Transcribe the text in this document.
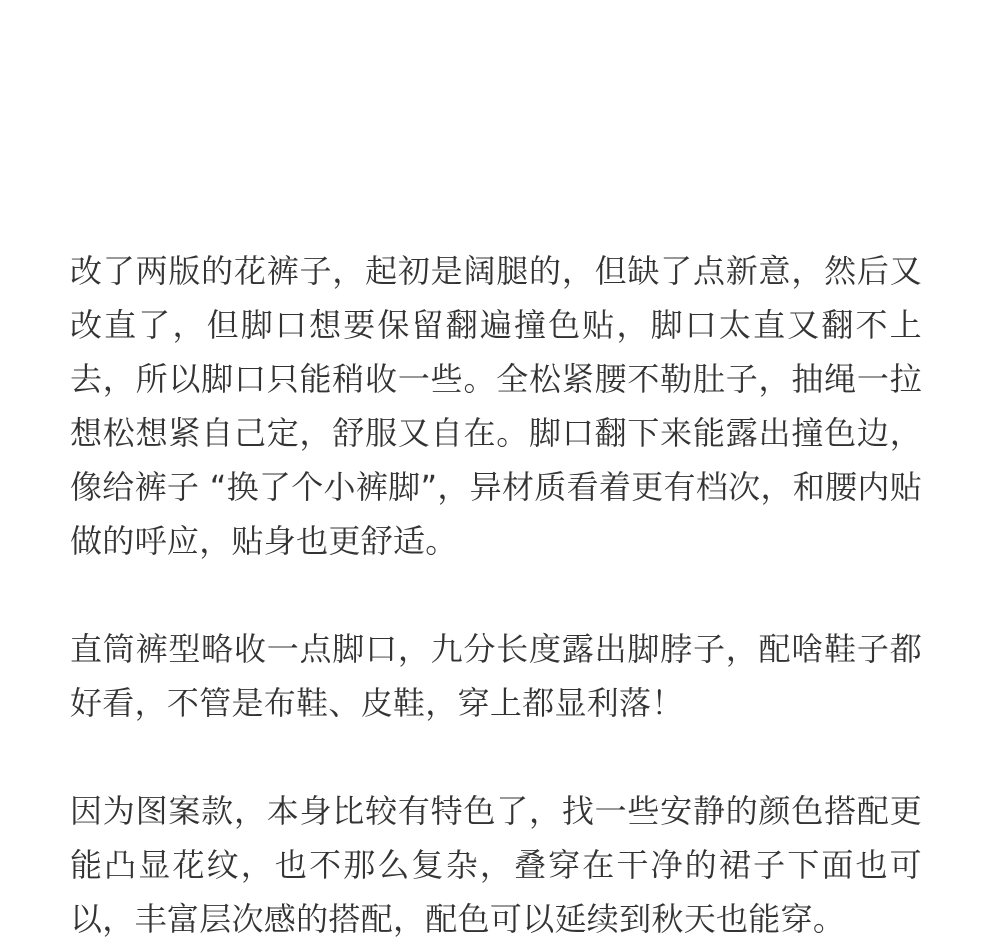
改了两版的花裤子，起初是阔腿的，但缺了点新意，然后又改直了，但脚口想要保留翻遍撞色贴，脚口太直又翻不上去，所以脚口只能稍收一些。全松紧腰不勒肚子，抽绳一拉想松想紧自己定，舒服又自在。脚口翻下来能露出撞色边，像给裤子 “换了个小裤脚”，异材质看着更有档次，和腰内贴做的呼应，贴身也更舒适。

直筒裤型略收一点脚口，九分长度露出脚脖子，配啥鞋子都好看，不管是布鞋、皮鞋，穿上都显利落！

因为图案款，本身比较有特色了，找一些安静的颜色搭配更能凸显花纹，也不那么复杂，叠穿在干净的裙子下面也可以，丰富层次感的搭配，配色可以延续到秋天也能穿。
